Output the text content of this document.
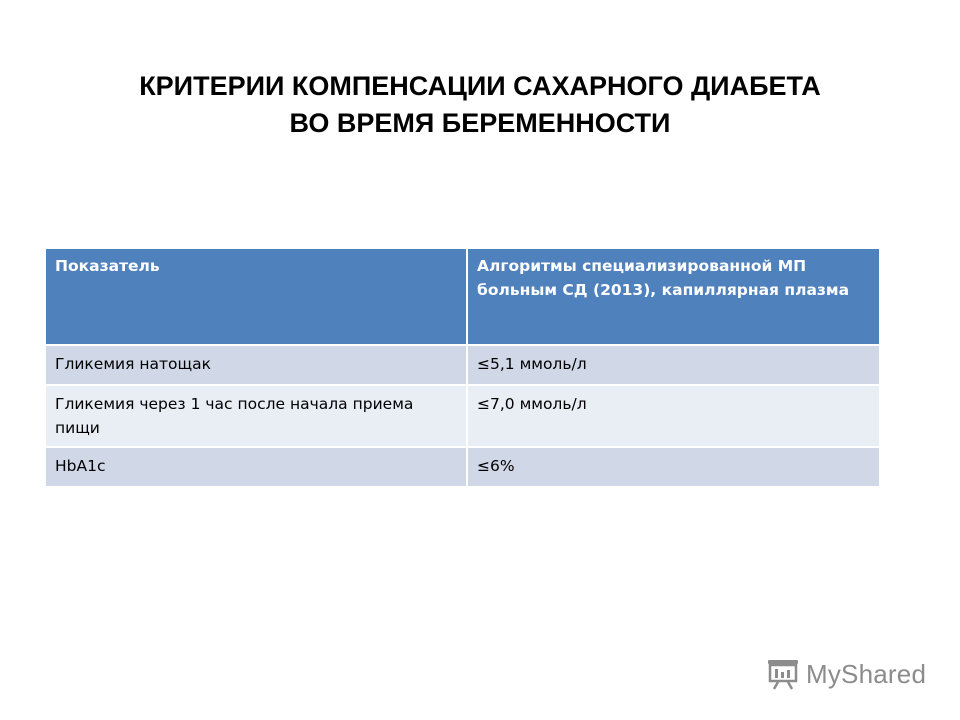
КРИТЕРИИ КОМПЕНСАЦИИ САХАРНОГО ДИАБЕТА
ВО ВРЕМЯ БЕРЕМЕННОСТИ
Показатель	Алгоритмы специализированной МП больным СД (2013), капиллярная плазма
Гликемия натощак	≤5,1 ммоль/л
Гликемия через 1 час после начала приема пищи	≤7,0 ммоль/л
HbA1c	≤6%
MyShared
